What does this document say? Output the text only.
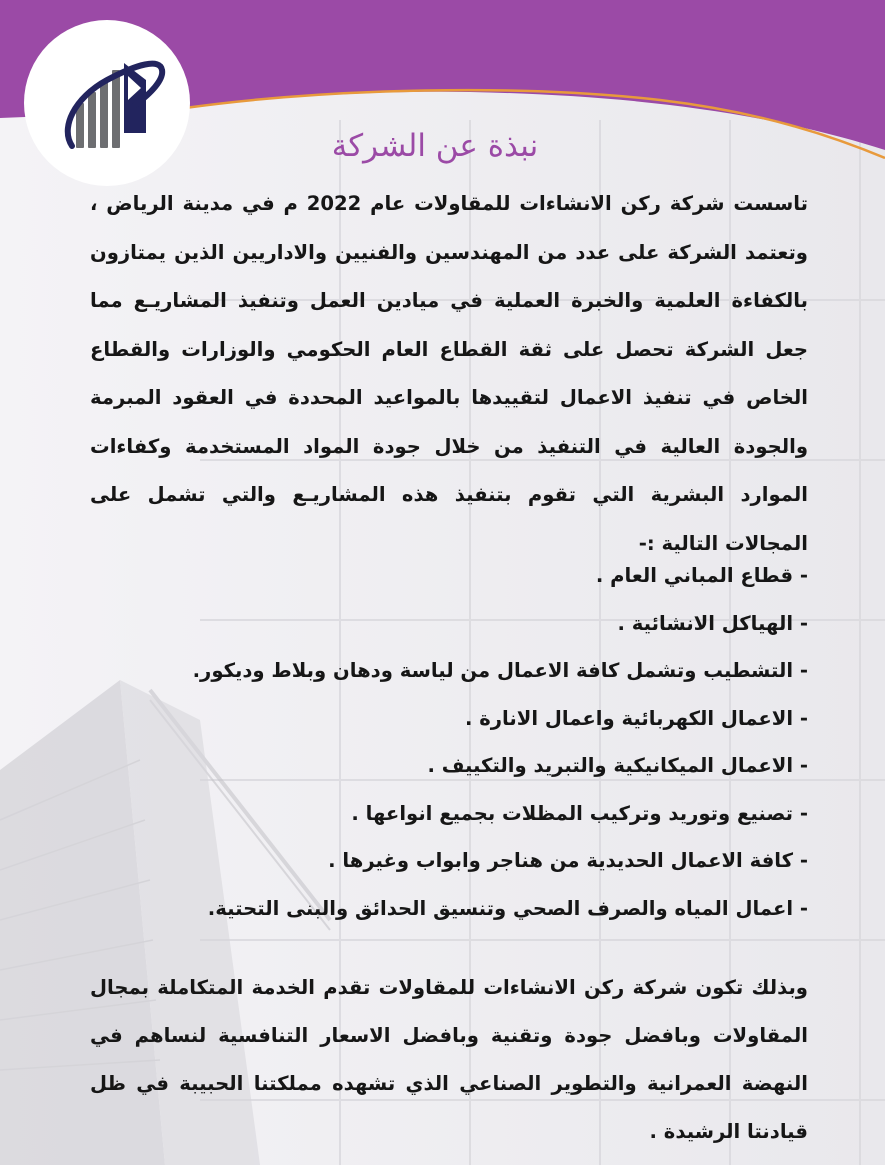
نبذة عن الشركة
تاسست شركة ركن الانشاءات للمقاولات عام 2022 م في مدينة الرياض ، وتعتمد الشركة على عدد من المهندسين والفنيين والاداريين الذين يمتازون بالكفاءة العلمية والخبرة العملية في ميادين العمل وتنفيذ المشاريـع مما جعل الشركة تحصل على ثقة القطاع العام الحكومي والوزارات والقطاع الخاص في تنفيذ الاعمال لتقييدها بالمواعيد المحددة في العقود المبرمة والجودة العالية في التنفيذ من خلال جودة المواد المستخدمة وكفاءات الموارد البشرية التي تقوم بتنفيذ هذه المشاريـع والتي تشمل على المجالات التالية :-
- قطاع المباني العام .
- الهياكل الانشائية .
- التشطيب وتشمل كافة الاعمال من لياسة ودهان وبلاط وديكور.
- الاعمال الكهربائية واعمال الانارة .
- الاعمال الميكانيكية والتبريد والتكييف .
- تصنيع وتوريد وتركيب المظلات بجميع انواعها .
- كافة الاعمال الحديدية من هناجر وابواب وغيرها .
- اعمال المياه والصرف الصحي وتنسيق الحدائق والبنى التحتية.
وبذلك تكون شركة ركن الانشاءات للمقاولات تقدم الخدمة المتكاملة بمجال المقاولات وبافضل جودة وتقنية وبافضل الاسعار التنافسية لنساهم في النهضة العمرانية والتطوير الصناعي الذي تشهده مملكتنا الحبيبة في ظل قيادنتا الرشيدة .
